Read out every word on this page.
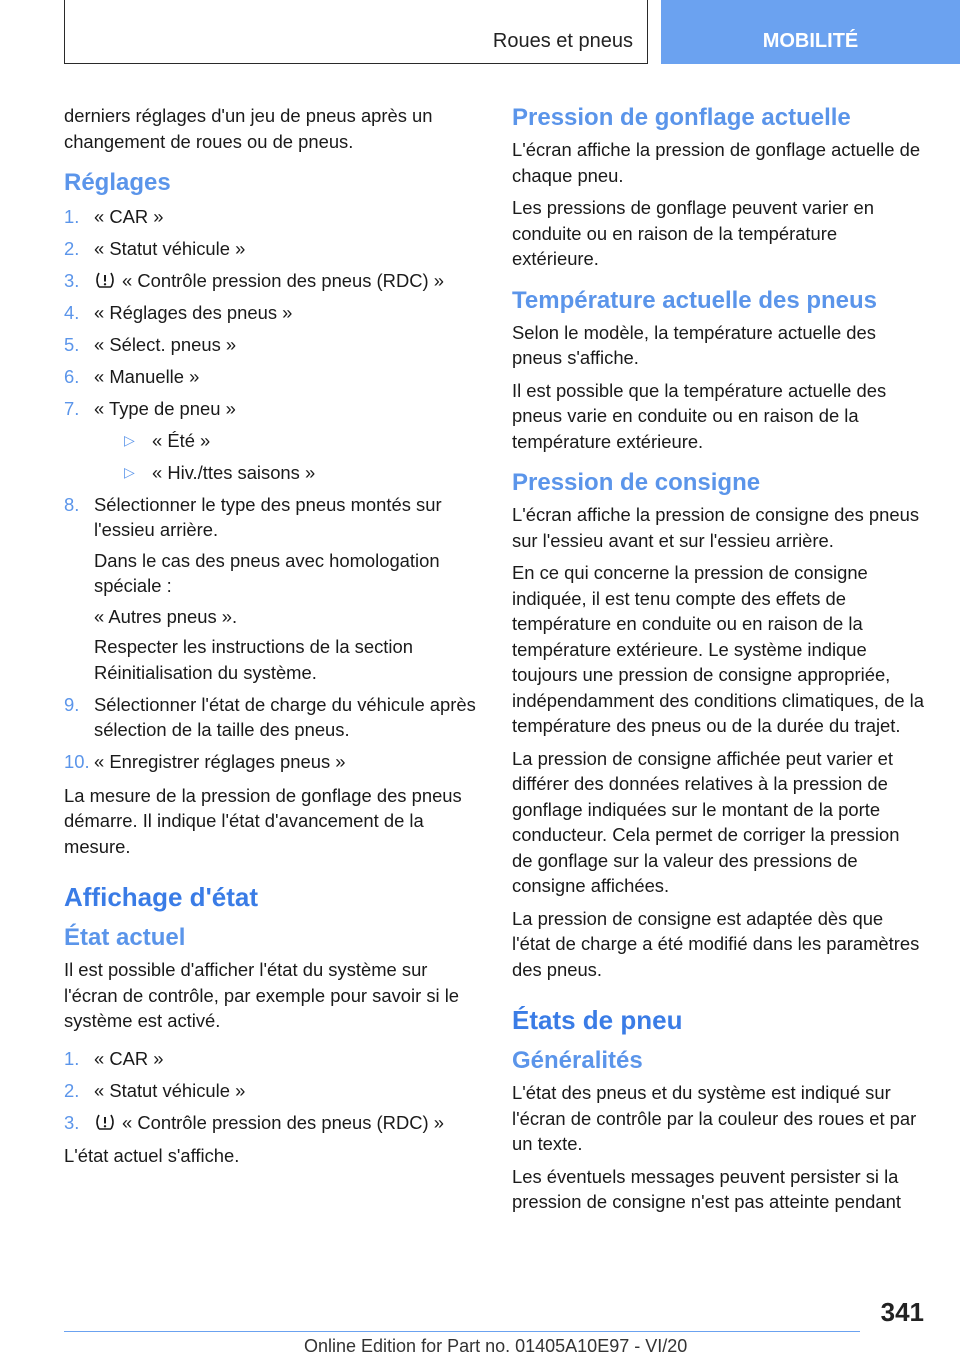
Roues et pneus	MOBILITÉ

derniers réglages d'un jeu de pneus après un changement de roues ou de pneus.

Réglages
1. « CAR »
2. « Statut véhicule »
3. « Contrôle pression des pneus (RDC) »
4. « Réglages des pneus »
5. « Sélect. pneus »
6. « Manuelle »
7. « Type de pneu »
▷ « Été »
▷ « Hiv./ttes saisons »
8. Sélectionner le type des pneus montés sur l'essieu arrière.
Dans le cas des pneus avec homologation spéciale :
« Autres pneus ».
Respecter les instructions de la section Réinitialisation du système.
9. Sélectionner l'état de charge du véhicule après sélection de la taille des pneus.
10. « Enregistrer réglages pneus »

La mesure de la pression de gonflage des pneus démarre. Il indique l'état d'avancement de la mesure.

Affichage d'état
État actuel

Il est possible d'afficher l'état du système sur l'écran de contrôle, par exemple pour savoir si le système est activé.

1. « CAR »
2. « Statut véhicule »
3. « Contrôle pression des pneus (RDC) »

L'état actuel s'affiche.

Pression de gonflage actuelle

L'écran affiche la pression de gonflage actuelle de chaque pneu.

Les pressions de gonflage peuvent varier en conduite ou en raison de la température extérieure.

Température actuelle des pneus

Selon le modèle, la température actuelle des pneus s'affiche.

Il est possible que la température actuelle des pneus varie en conduite ou en raison de la température extérieure.

Pression de consigne

L'écran affiche la pression de consigne des pneus sur l'essieu avant et sur l'essieu arrière.

En ce qui concerne la pression de consigne indiquée, il est tenu compte des effets de température en conduite ou en raison de la température extérieure. Le système indique toujours une pression de consigne appropriée, indépendamment des conditions climatiques, de la température des pneus ou de la durée du trajet.

La pression de consigne affichée peut varier et différer des données relatives à la pression de gonflage indiquées sur le montant de la porte conducteur. Cela permet de corriger la pression de gonflage sur la valeur des pressions de consigne affichées.

La pression de consigne est adaptée dès que l'état de charge a été modifié dans les paramètres des pneus.

États de pneu
Généralités

L'état des pneus et du système est indiqué sur l'écran de contrôle par la couleur des roues et par un texte.

Les éventuels messages peuvent persister si la pression de consigne n'est pas atteinte pendant

341
Online Edition for Part no. 01405A10E97 - VI/20
